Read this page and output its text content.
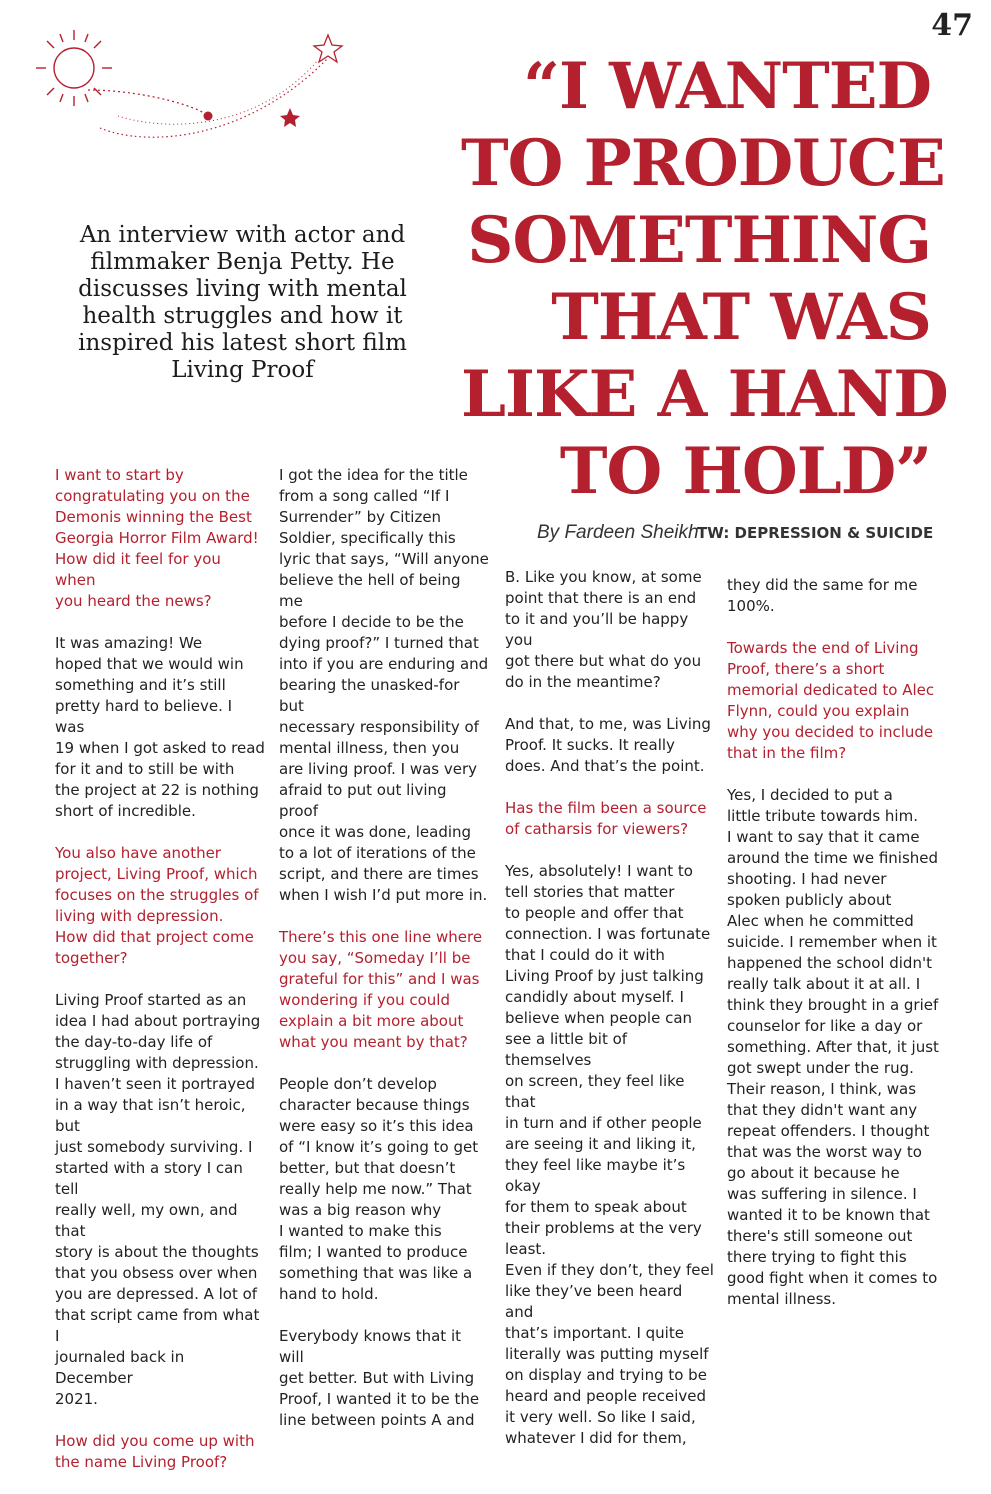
47
“I WANTED
TO PRODUCE
SOMETHING
THAT WAS
LIKE A HAND
TO HOLD”
An interview with actor and filmmaker Benja Petty. He discusses living with mental health struggles and how it inspired his latest short film Living Proof
By Fardeen Sheikh
TW: DEPRESSION & SUICIDE

I want to start by
congratulating you on the
Demonis winning the Best
Georgia Horror Film Award!
How did it feel for you when
you heard the news?

It was amazing! We
hoped that we would win
something and it’s still
pretty hard to believe. I was
19 when I got asked to read
for it and to still be with
the project at 22 is nothing
short of incredible.

You also have another
project, Living Proof, which
focuses on the struggles of
living with depression.
How did that project come
together?

Living Proof started as an
idea I had about portraying
the day-to-day life of
struggling with depression.
I haven’t seen it portrayed
in a way that isn’t heroic, but
just somebody surviving. I
started with a story I can tell
really well, my own, and that
story is about the thoughts
that you obsess over when
you are depressed. A lot of
that script came from what I
journaled back in December
2021.

How did you come up with
the name Living Proof?

I got the idea for the title
from a song called “If I
Surrender” by Citizen
Soldier, specifically this
lyric that says, “Will anyone
believe the hell of being me
before I decide to be the
dying proof?” I turned that
into if you are enduring and
bearing the unasked-for but
necessary responsibility of
mental illness, then you
are living proof. I was very
afraid to put out living proof
once it was done, leading
to a lot of iterations of the
script, and there are times
when I wish I’d put more in.

There’s this one line where
you say, “Someday I’ll be
grateful for this” and I was
wondering if you could
explain a bit more about
what you meant by that?

People don’t develop
character because things
were easy so it’s this idea
of “I know it’s going to get
better, but that doesn’t
really help me now.” That
was a big reason why
I wanted to make this
film; I wanted to produce
something that was like a
hand to hold.

Everybody knows that it will
get better. But with Living
Proof, I wanted it to be the
line between points A and

B. Like you know, at some
point that there is an end
to it and you’ll be happy you
got there but what do you
do in the meantime?

And that, to me, was Living
Proof. It sucks. It really
does. And that’s the point.

Has the film been a source
of catharsis for viewers?

Yes, absolutely! I want to
tell stories that matter
to people and offer that
connection. I was fortunate
that I could do it with
Living Proof by just talking
candidly about myself. I
believe when people can
see a little bit of themselves
on screen, they feel like that
in turn and if other people
are seeing it and liking it,
they feel like maybe it’s okay
for them to speak about
their problems at the very
least.

Even if they don’t, they feel
like they’ve been heard and
that’s important. I quite
literally was putting myself
on display and trying to be
heard and people received
it very well. So like I said,
whatever I did for them,

they did the same for me
100%.

Towards the end of Living
Proof, there’s a short
memorial dedicated to Alec
Flynn, could you explain
why you decided to include
that in the film?

Yes, I decided to put a
little tribute towards him.
I want to say that it came
around the time we finished
shooting. I had never
spoken publicly about
Alec when he committed
suicide. I remember when it
happened the school didn't
really talk about it at all. I
think they brought in a grief
counselor for like a day or
something. After that, it just
got swept under the rug.
Their reason, I think, was
that they didn't want any
repeat offenders. I thought
that was the worst way to
go about it because he
was suffering in silence. I
wanted it to be known that
there's still someone out
there trying to fight this
good fight when it comes to
mental illness.
